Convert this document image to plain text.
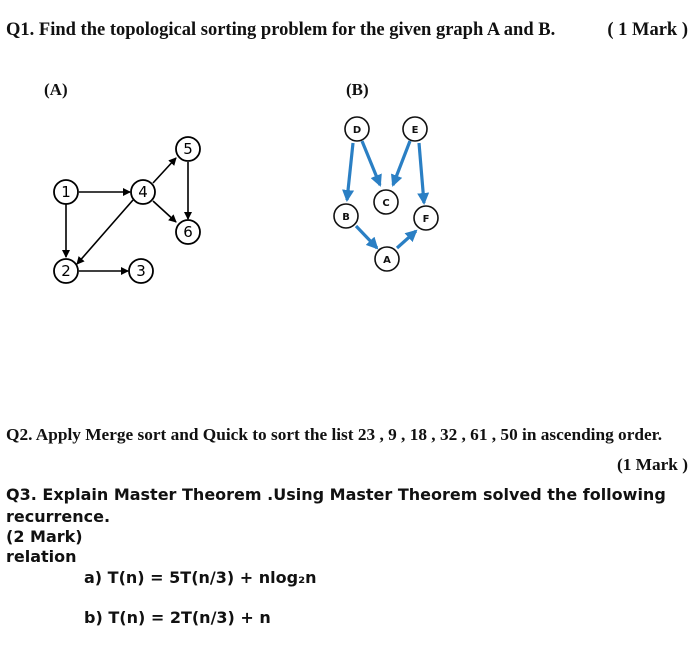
Q1. Find the topological sorting problem for the given graph A and B.	( 1 Mark )
(A)	(B)
1
2	3
4
5
6
D	E
C
B	F
A
Q2. Apply Merge sort and Quick to sort the list 23 , 9 , 18 , 32 , 61 , 50 in ascending order.
(1 Mark )
Q3. Explain Master Theorem .Using Master Theorem solved the following
recurrence.
(2 Mark)
relation
a) T(n) = 5T(n/3) + nlog₂n
b) T(n) = 2T(n/3) + n
